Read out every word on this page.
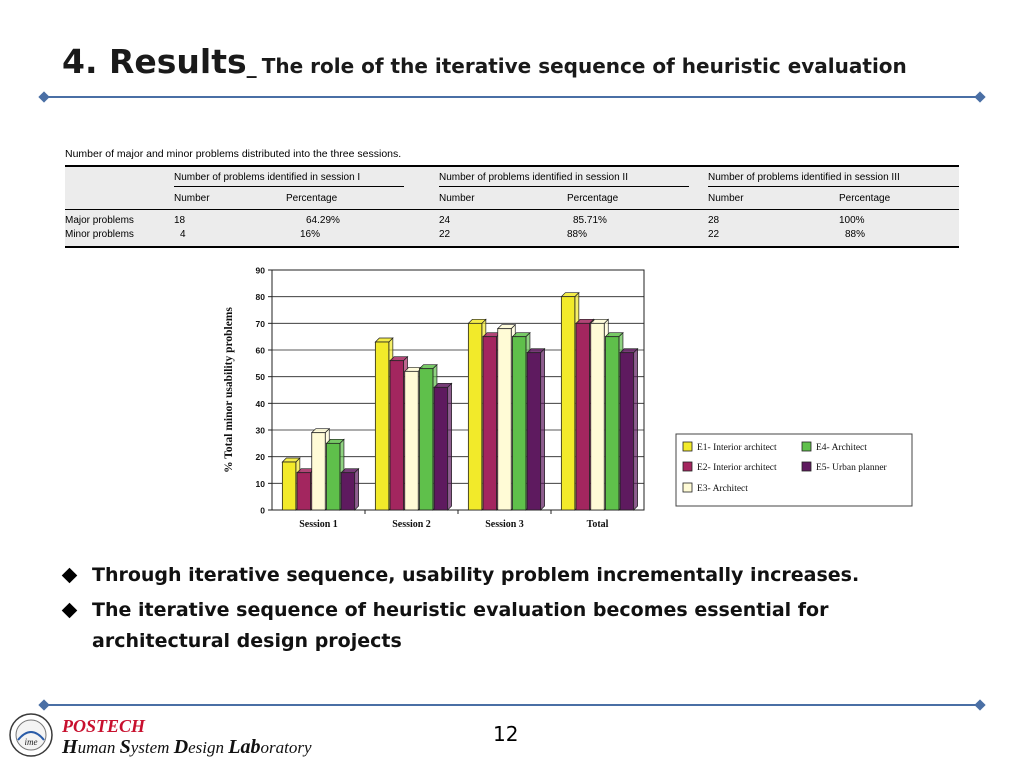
4. Results_ The role of the iterative sequence of heuristic evaluation
Number of major and minor problems distributed into the three sessions.
Number of problems identified in session I	Number of problems identified in session II	Number of problems identified in session III
Number	Percentage	Number	Percentage	Number	Percentage
Major problems	18	64.29%	24	85.71%	28	100%
Minor problems	4	16%	22	88%	22	88%
0
10
20
30
40
50
60
70
80
90
% Total minor usability problems
Session 1	Session 2	Session 3	Total
E1- Interior architect	E4- Architect
E2- Interior architect	E5- Urban planner
E3- Architect
Through iterative sequence, usability problem incrementally increases.
The iterative sequence of heuristic evaluation becomes essential for architectural design projects
ime
POSTECH
Human System Design Laboratory
12
